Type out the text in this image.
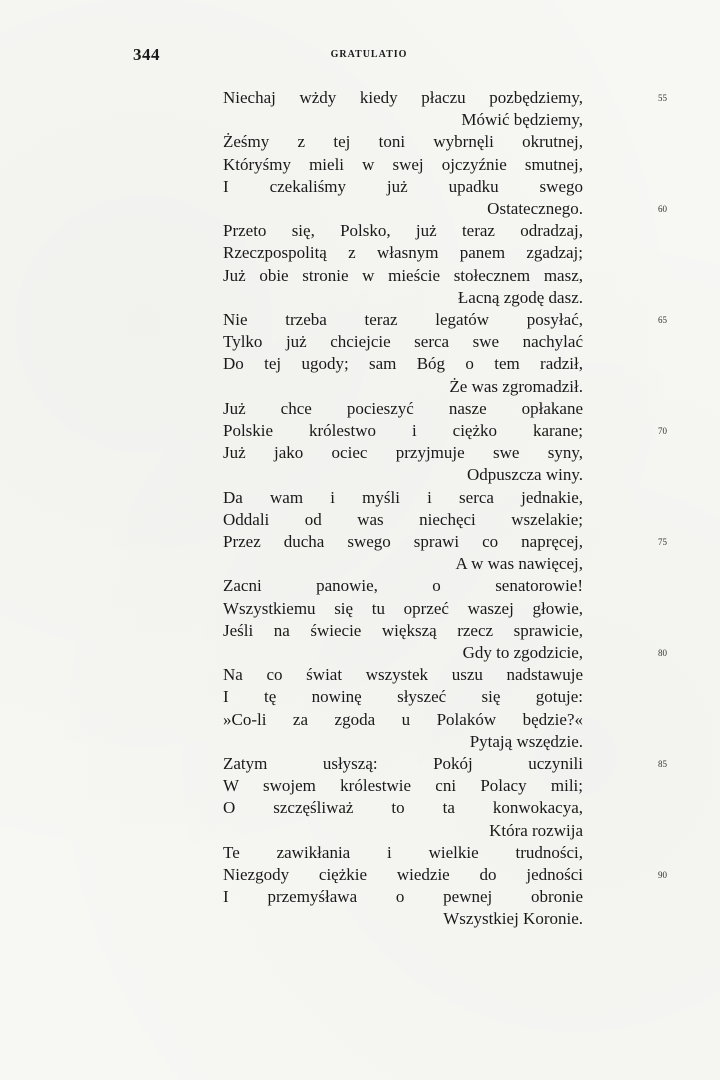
344	GRATULATIO
Niechaj wżdy kiedy płaczu pozbędziemy,	55
Mówić będziemy,
Żeśmy z tej toni wybrnęli okrutnej,
Któryśmy mieli w swej ojczyźnie smutnej,
I czekaliśmy już upadku swego
Ostatecznego.	60
Przeto się, Polsko, już teraz odradzaj,
Rzeczpospolitą z własnym panem zgadzaj;
Już obie stronie w mieście stołecznem masz,
Łacną zgodę dasz.
Nie trzeba teraz legatów posyłać,	65
Tylko już chciejcie serca swe nachylać
Do tej ugody; sam Bóg o tem radził,
Że was zgromadził.
Już chce pocieszyć nasze opłakane
Polskie królestwo i ciężko karane;	70
Już jako ociec przyjmuje swe syny,
Odpuszcza winy.
Da wam i myśli i serca jednakie,
Oddali od was niechęci wszelakie;
Przez ducha swego sprawi co napręcej,	75
A w was nawięcej,
Zacni panowie, o senatorowie!
Wszystkiemu się tu oprzeć waszej głowie,
Jeśli na świecie większą rzecz sprawicie,
Gdy to zgodzicie,	80
Na co świat wszystek uszu nadstawuje
I tę nowinę słyszeć się gotuje:
»Co-li za zgoda u Polaków będzie?«
Pytają wszędzie.
Zatym usłyszą: Pokój uczynili	85
W swojem królestwie cni Polacy mili;
O szczęśliważ to ta konwokacya,
Która rozwija
Te zawikłania i wielkie trudności,
Niezgody ciężkie wiedzie do jedności	90
I przemyśława o pewnej obronie
Wszystkiej Koronie.
